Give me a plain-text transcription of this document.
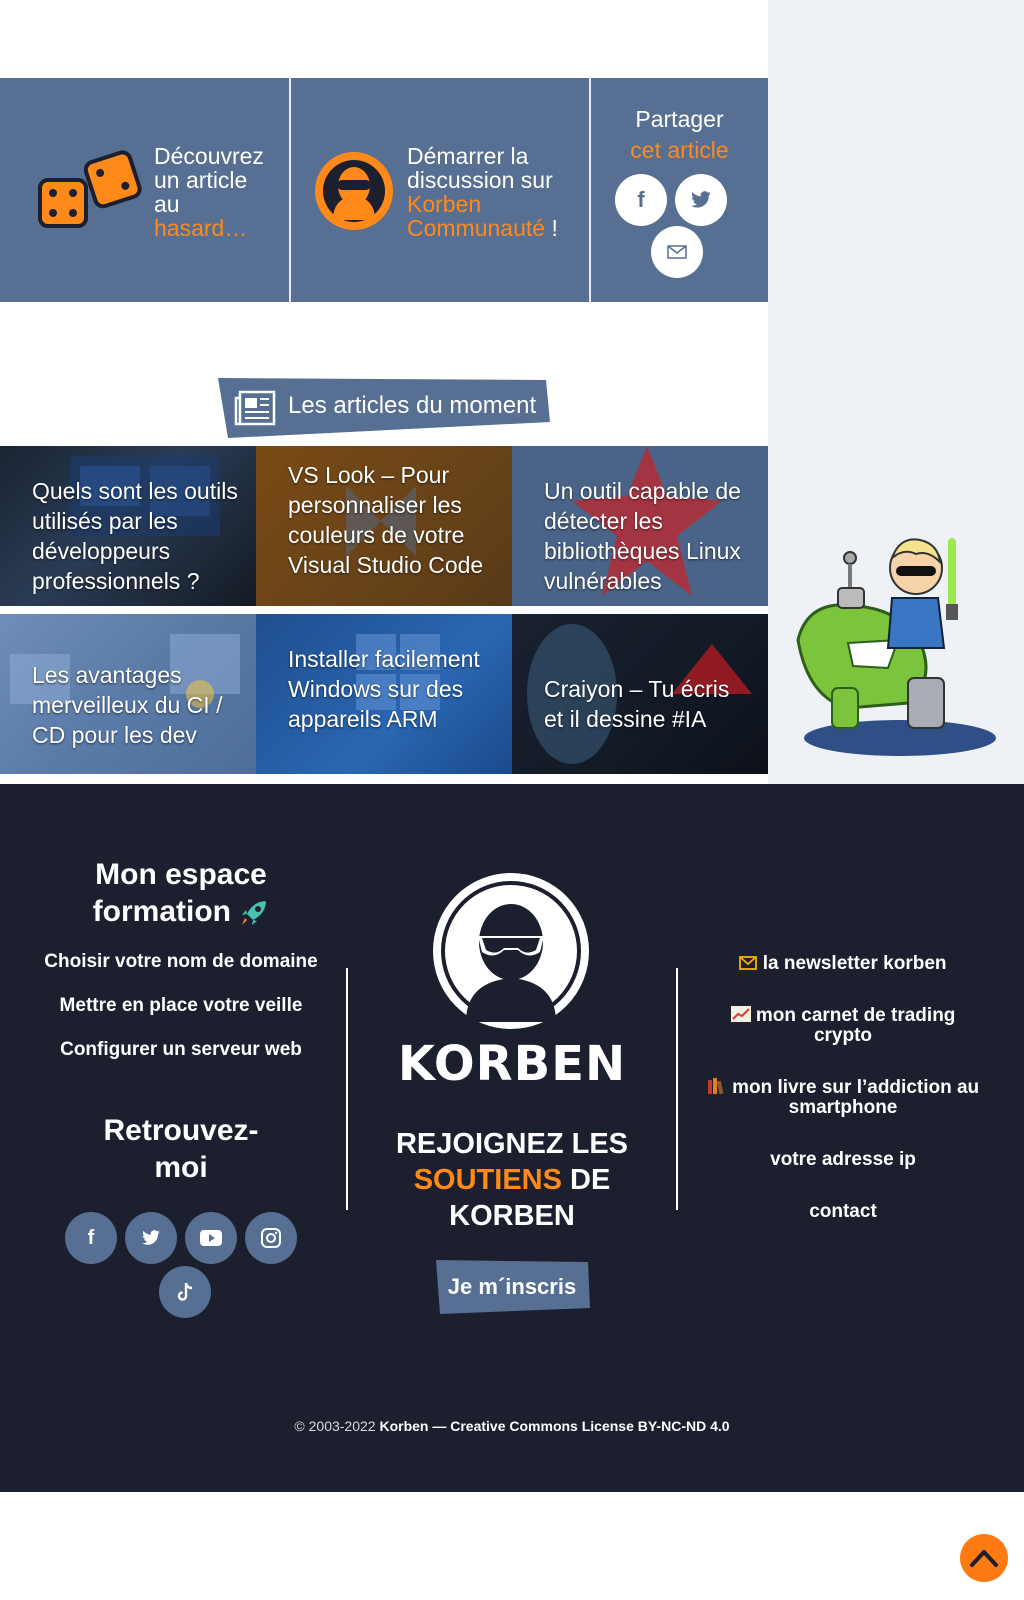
Découvrez
un article
au
hasard…
Démarrer la
discussion sur
Korben
Communauté !
Partager
cet article
f
Les articles du moment
Quels sont les outils utilisés par les développeurs professionnels ?
VS Look – Pour personnaliser les couleurs de votre Visual Studio Code
Un outil capable de détecter les bibliothèques Linux vulnérables
Les avantages merveilleux du CI / CD pour les dev
Installer facilement Windows sur des appareils ARM
Craiyon – Tu écris et il dessine #IA
Mon espace
formation
Choisir votre nom de domaine
Mettre en place votre veille
Configurer un serveur web
Retrouvez-moi
f
KORBEN
REJOIGNEZ LES
SOUTIENS DE
KORBEN
Je m´inscris
la newsletter korben
mon carnet de trading crypto
mon livre sur l’addiction au smartphone
votre adresse ip
contact
© 2003-2022 Korben — Creative Commons License BY-NC-ND 4.0
